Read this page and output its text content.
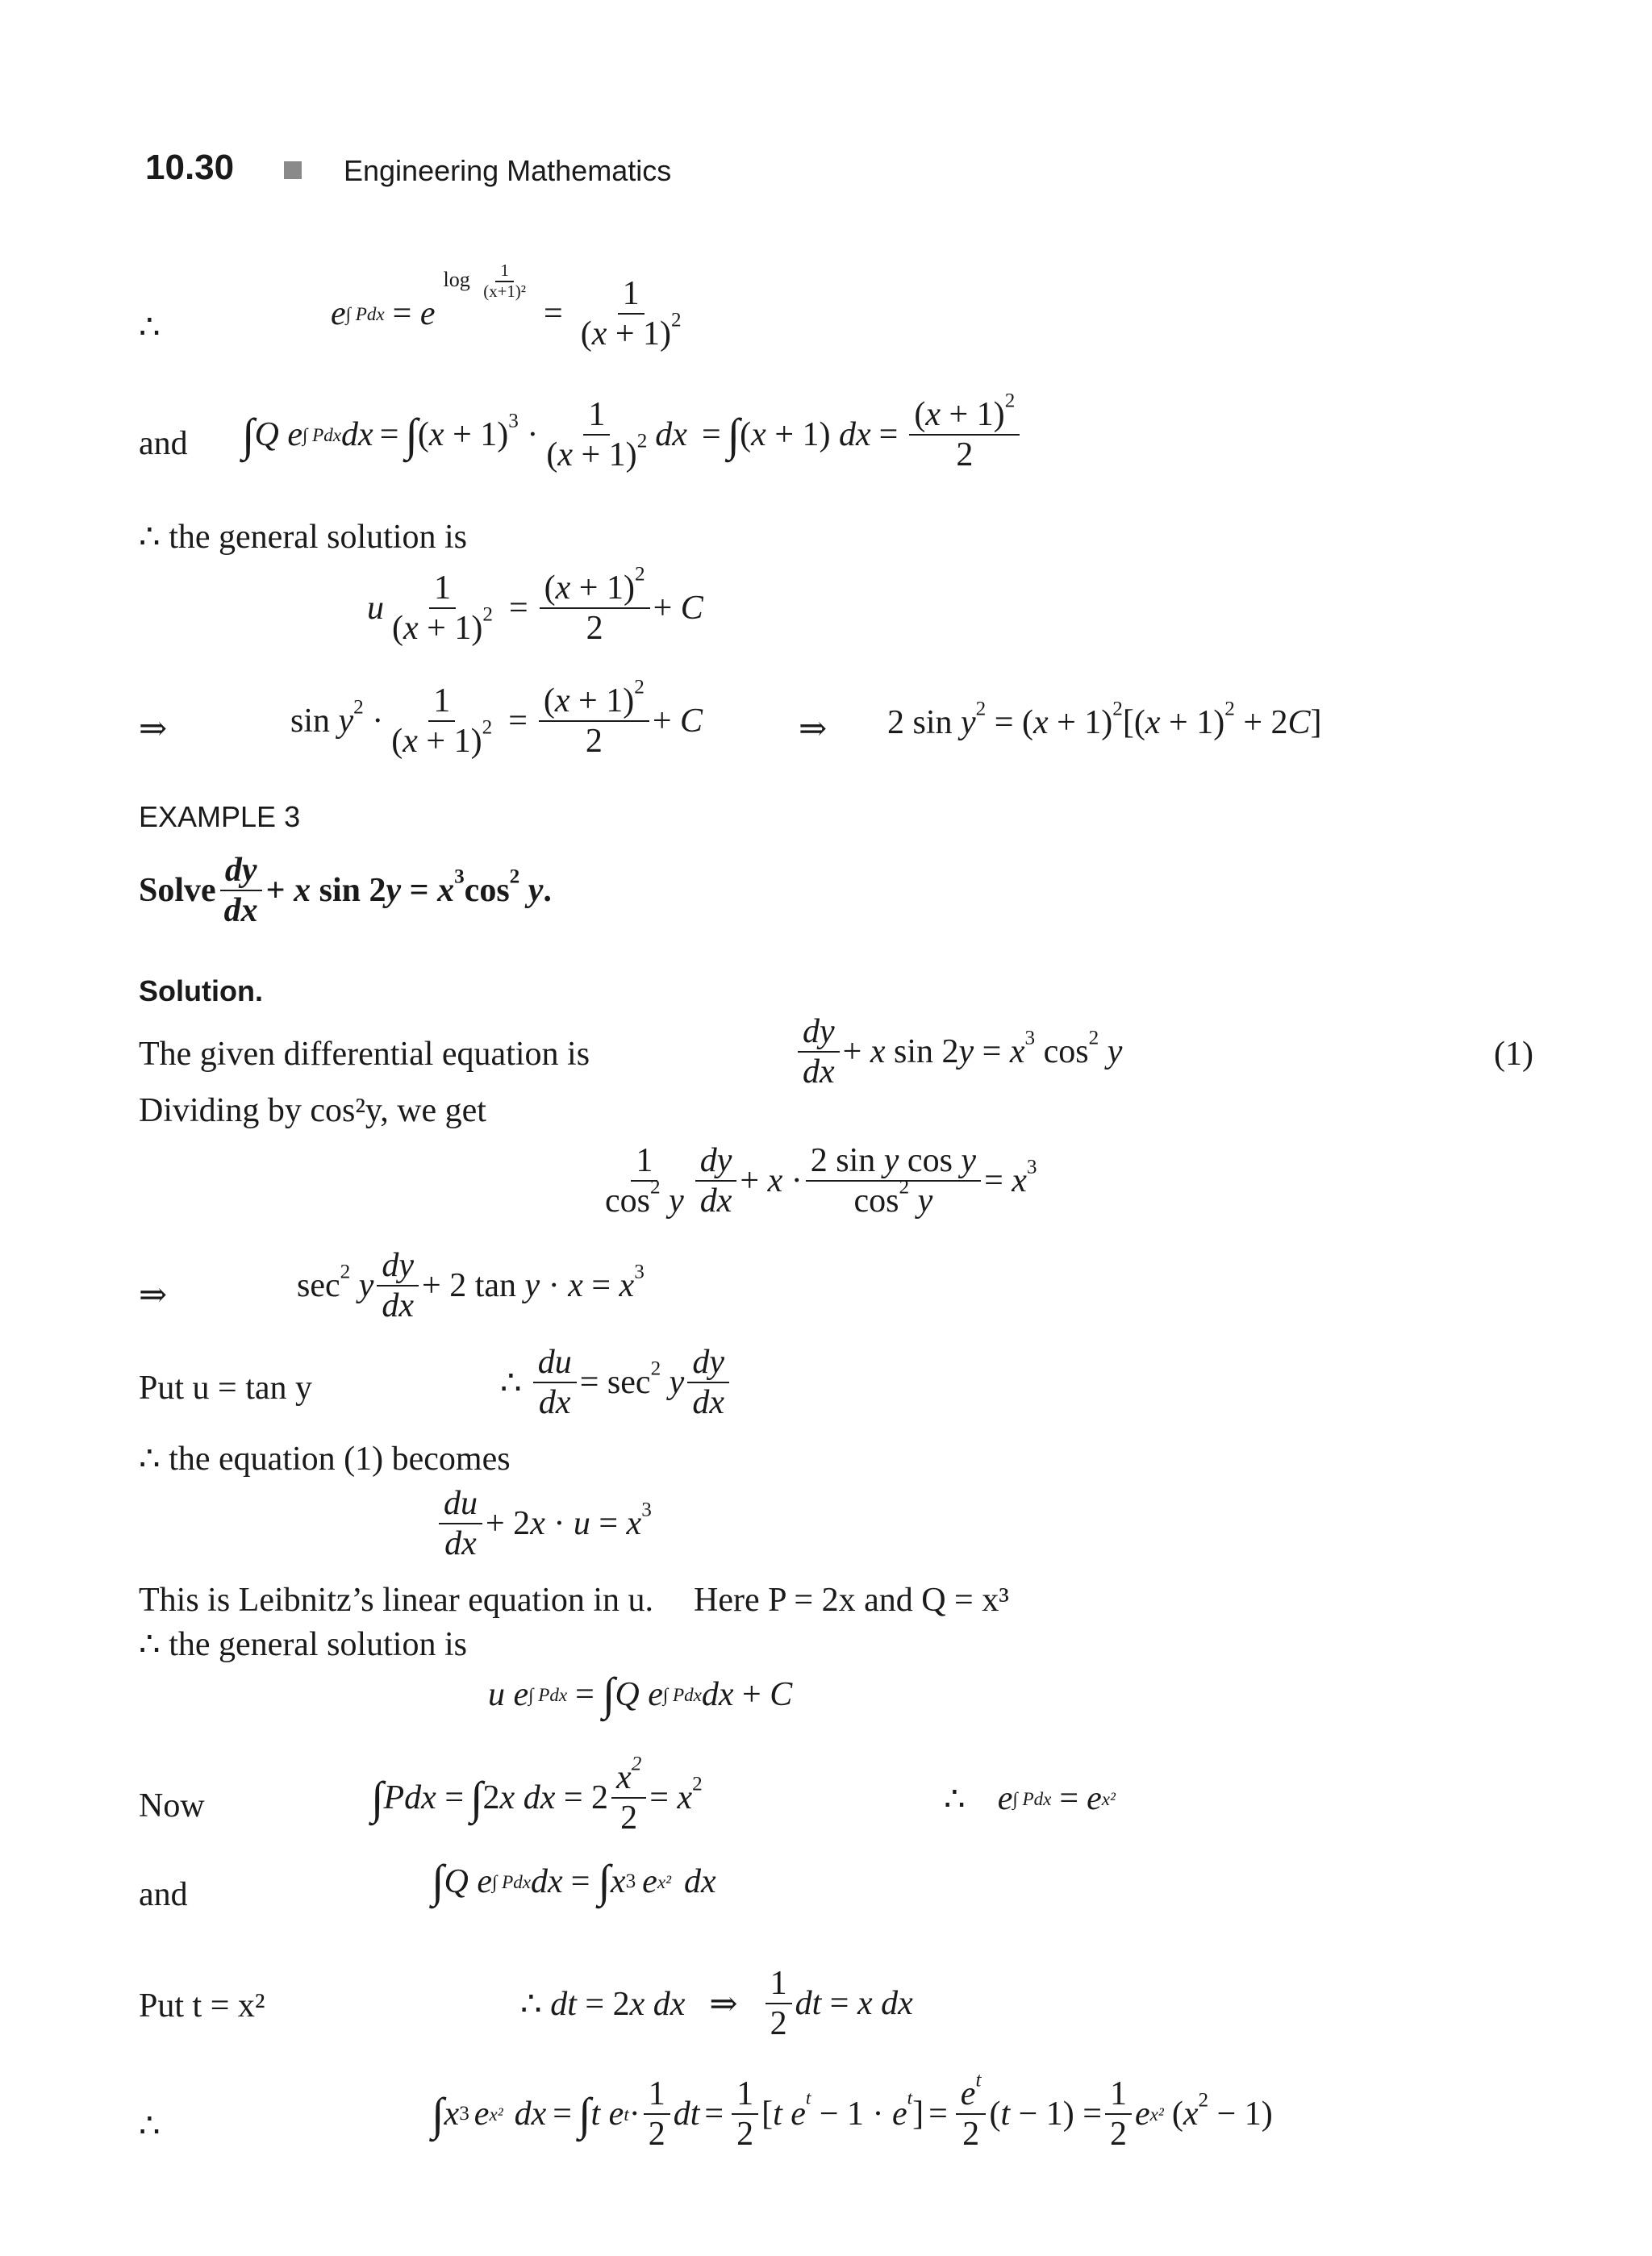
10.30	Engineering Mathematics
∴	e ∫ Pdx = e
$\log \frac{1}{\text{(x+1)²}}$
= $\frac{1}{(x + 1)^2}$
and ∫ Q e ∫ Pdx dx = ∫ $(x + 1)^3 \cdot \frac{1}{(x + 1)^2}$ dx = ∫ (x + 1) dx = $\frac{(x + 1)^2}{2}$
∴ the general solution is
u $\frac{1}{(x + 1)^2} = \frac{(x + 1)^2}{2} + C$
⇒	$\sin y^2 \cdot \frac{1}{(x + 1)^2} = \frac{(x + 1)^2}{2} + C$	⇒ 2 $\sin y^2 = (x + 1)^2[(x + 1)^2 + 2C]$
EXAMPLE 3
Solve $\frac{dy}{dx} + x$ $\sin 2y = x^3\cos^2$ y.
Solution.
The given differential equation is	$\frac{dy}{dx} + x$ $\sin 2y = x^3$ $\cos^2 y$	(1)
Dividing by cos²y, we get
$\frac{1}{\cos^2 y} \frac{dy}{dx} + x \cdot \frac{\text{2 sin y cos y}}{\cos^2 y} = x^3$
⇒	$\sec^2 y \frac{dy}{dx} + 2$ $\tan y \cdot x = x^3$
Put u = tan y	∴ $\frac{du}{dx} = \sec^2 y \frac{dy}{dx}$
∴ the equation (1) becomes
$\frac{du}{dx} + 2x \cdot u = x^3$
This is Leibnitz’s linear equation in u. Here P = 2x and Q = x³
∴ the general solution is
u e ∫ Pdx = ∫ Q e ∫ Pdx dx + C
Now	∫ Pdx = ∫ 2x dx = $2 \frac{x^2}{2} = x^2$	∴ e ∫ Pdx = e x²
and	∫ Q e ∫ Pdx dx = ∫ x 3 e x² dx
Put t = x²	∴ dt = 2x dx ⇒ $\frac{1}{2}$ dt = x dx
∴	∫ x 3 e x² dx = ∫ t e $t \cdot \frac{1}{2}$ dt = $\frac{1}{2} [t$ $e^t - 1 \cdot e^t] = \frac{e^t}{2} (t - 1) = \frac{1}{2}$ e x² $(x^2 - 1)$
